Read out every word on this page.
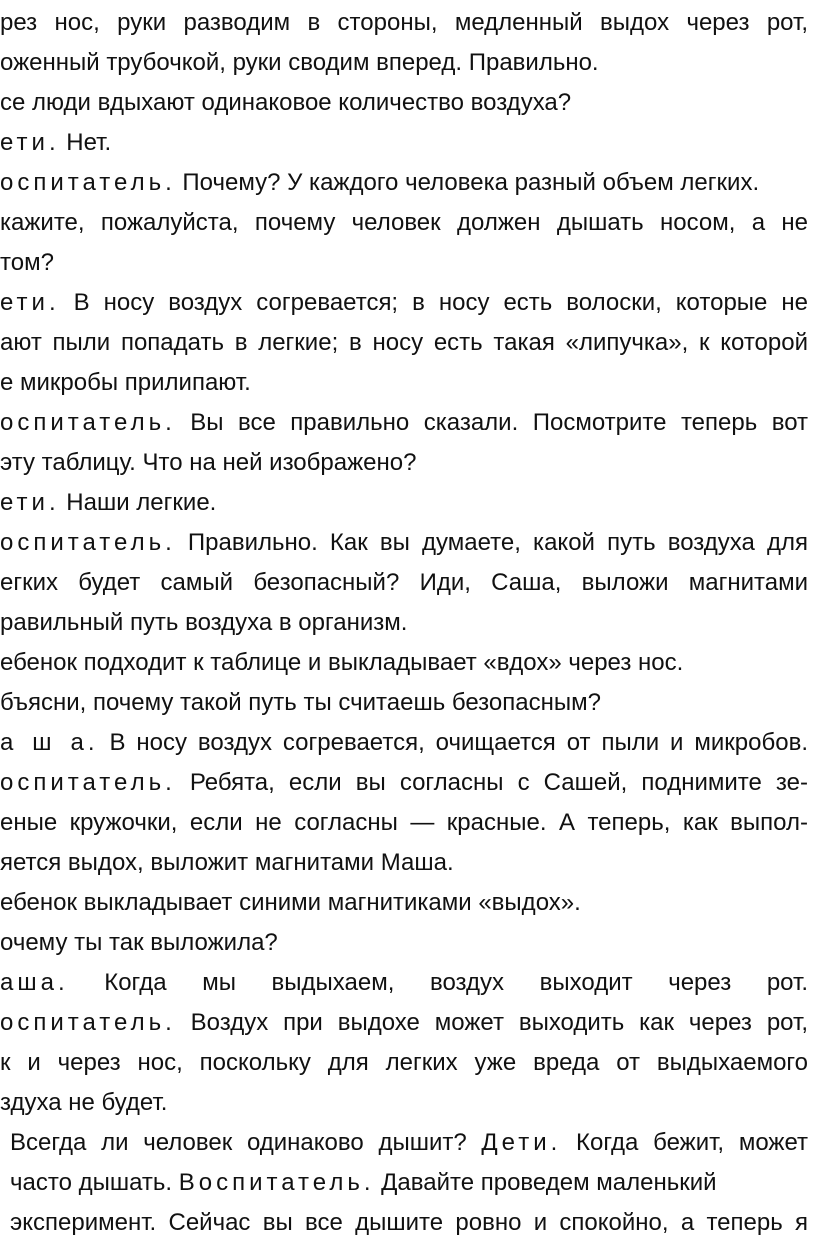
рез нос, руки разводим в стороны, медленный выдох через рот,
оженный трубочкой, руки сводим вперед. Правильно.
се люди вдыхают одинаковое количество воздуха?
ети. Нет.
оспитатель. Почему? У каждого человека разный объем легких.
кажите, пожалуйста, почему человек должен дышать носом, а не
том?
ети. В носу воздух согревается; в носу есть волоски, которые не
ают пыли попадать в легкие; в носу есть такая «липучка», к которой
е микробы прилипают.
оспитатель. Вы все правильно сказали. Посмотрите теперь вот
эту таблицу. Что на ней изображено?
ети. Наши легкие.
оспитатель. Правильно. Как вы думаете, какой путь воздуха для
егких будет самый безопасный? Иди, Саша, выложи магнитами
равильный путь воздуха в организм.
ебенок подходит к таблице и выкладывает «вдох» через нос.
бъясни, почему такой путь ты считаешь безопасным?
а ш а. В носу воздух согревается, очищается от пыли и микробов.
оспитатель. Ребята, если вы согласны с Сашей, поднимите зе-
еные кружочки, если не согласны — красные. А теперь, как выпол-
яется выдох, выложит магнитами Маша.
ебенок выкладывает синими магнитиками «выдох».
очему ты так выложила?
аша. Когда мы выдыхаем, воздух выходит через рот.
оспитатель. Воздух при выдохе может выходить как через рот,
к и через нос, поскольку для легких уже вреда от выдыхаемого
здуха не будет.
Всегда ли человек одинаково дышит? Дети. Когда бежит, может
часто дышать. Воспитатель. Давайте проведем маленький
эксперимент. Сейчас вы все дышите ровно и спокойно, а теперь я
